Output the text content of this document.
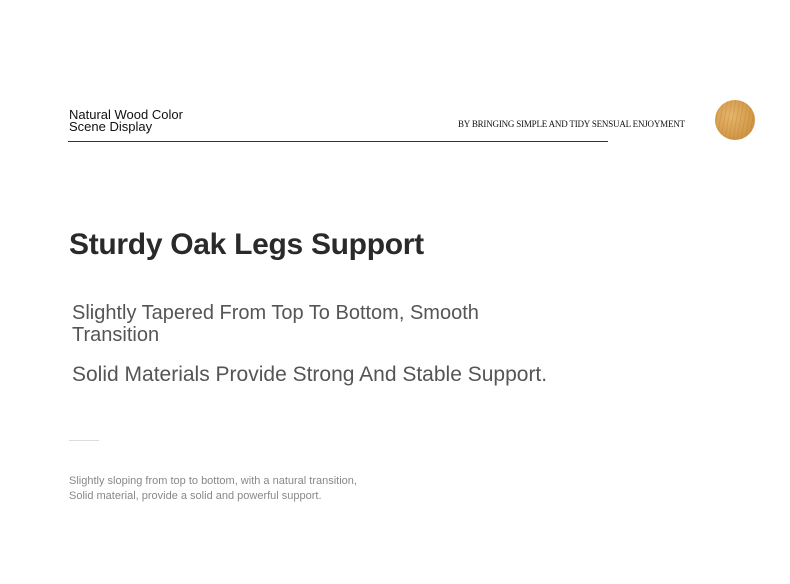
Natural Wood Color
Scene Display	BY BRINGING SIMPLE AND TIDY SENSUAL ENJOYMENT
Sturdy Oak Legs Support
Slightly Tapered From Top To Bottom, Smooth Transition
Solid Materials Provide Strong And Stable Support.
Slightly sloping from top to bottom, with a natural transition,
Solid material, provide a solid and powerful support.
